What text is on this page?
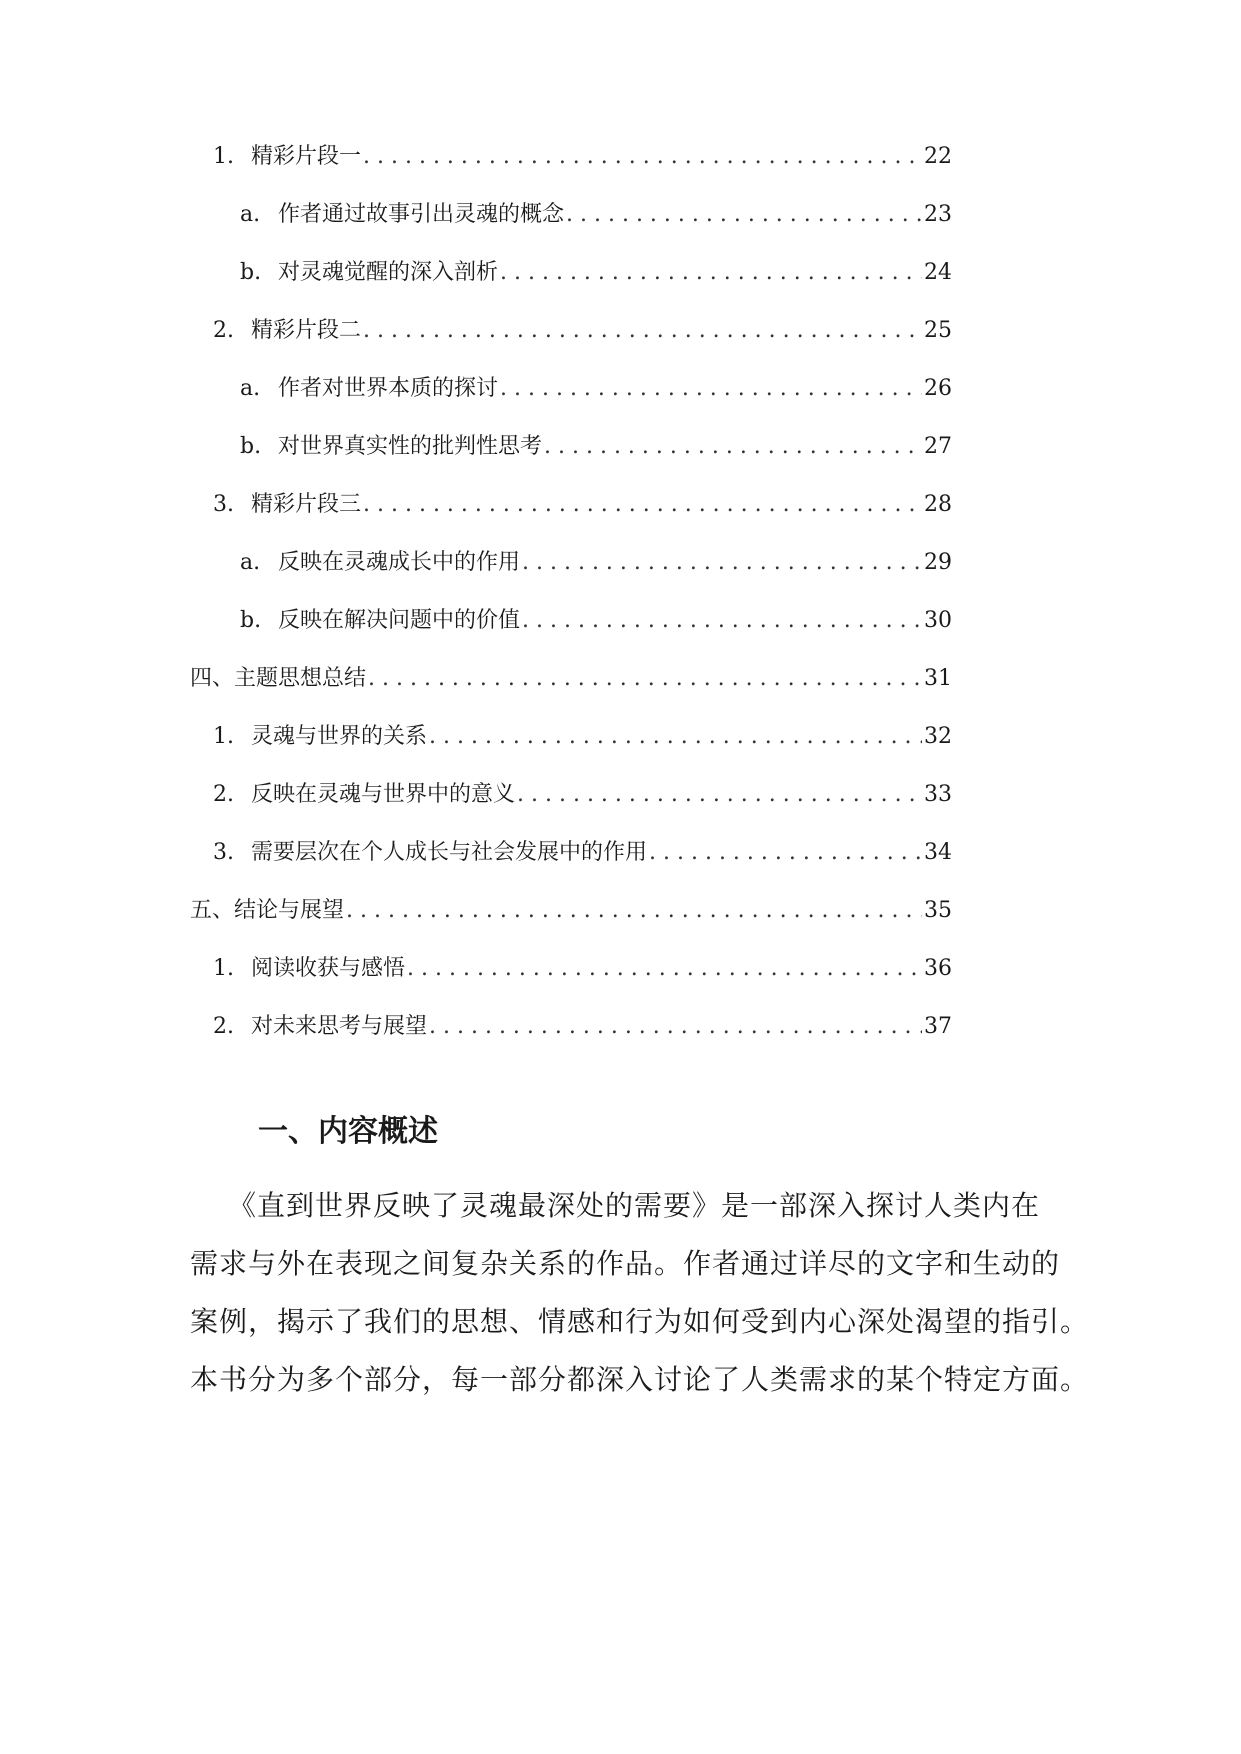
1. 精彩片段一 . . .	22
a. 作者通过故事引出灵魂的概念 . . .	23
b. 对灵魂觉醒的深入剖析 . . .	24
2. 精彩片段二 . . .	25
a. 作者对世界本质的探讨 . . .	26
b. 对世界真实性的批判性思考 . . .	27
3. 精彩片段三 . . .	28
a. 反映在灵魂成长中的作用 . . .	29
b. 反映在解决问题中的价值 . . .	30
四、主题思想总结 . . .	31
1. 灵魂与世界的关系 . . .	32
2. 反映在灵魂与世界中的意义 . . .	33
3. 需要层次在个人成长与社会发展中的作用 . . .	34
五、结论与展望 . . .	35
1. 阅读收获与感悟 . . .	36
2. 对未来思考与展望 . . .	37
一、内容概述
《直到世界反映了灵魂最深处的需要》是一部深入探讨人类内在
需求与外在表现之间复杂关系的作品。作者通过详尽的文字和生动的
案例，揭示了我们的思想、情感和行为如何受到内心深处渴望的指引。
本书分为多个部分，每一部分都深入讨论了人类需求的某个特定方面。
